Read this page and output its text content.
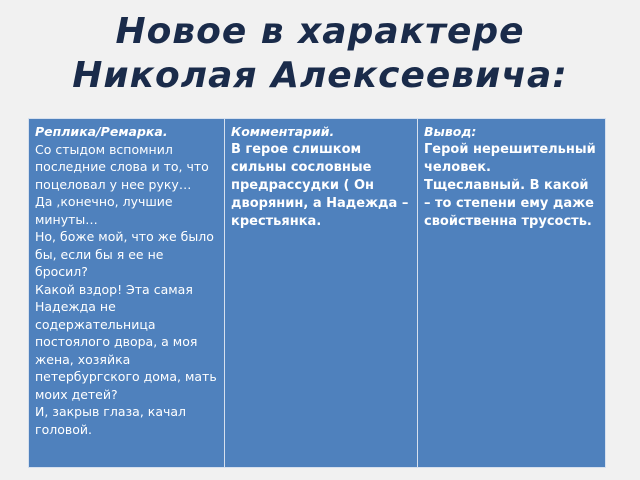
Новое в характере
Николая Алексеевича:
Реплика/Ремарка.
Со стыдом вспомнил последние слова и то, что поцеловал у нее руку…
Да ,конечно, лучшие минуты…
Но, боже мой, что же было бы, если бы я ее не бросил?
Какой вздор! Эта самая Надежда не содержательница постоялого двора, а моя жена, хозяйка петербургского дома, мать моих детей?
И, закрыв глаза, качал головой.
Комментарий.
В герое слишком сильны сословные предрассудки ( Он дворянин, а Надежда – крестьянка.
Вывод:
Герой нерешительный человек.
Тщеславный. В какой – то степени ему даже свойственна трусость.
